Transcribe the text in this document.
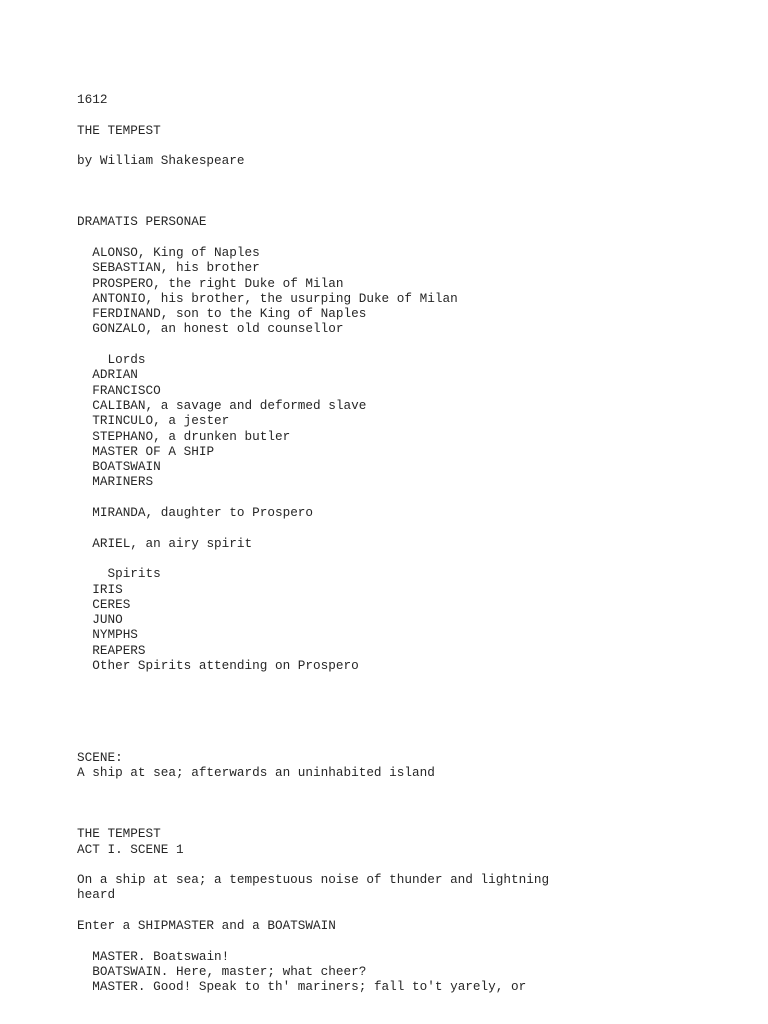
1612
THE TEMPEST
by William Shakespeare
DRAMATIS PERSONAE
ALONSO, King of Naples
SEBASTIAN, his brother
PROSPERO, the right Duke of Milan
ANTONIO, his brother, the usurping Duke of Milan
FERDINAND, son to the King of Naples
GONZALO, an honest old counsellor
Lords
ADRIAN
FRANCISCO
CALIBAN, a savage and deformed slave
TRINCULO, a jester
STEPHANO, a drunken butler
MASTER OF A SHIP
BOATSWAIN
MARINERS
MIRANDA, daughter to Prospero
ARIEL, an airy spirit
Spirits
IRIS
CERES
JUNO
NYMPHS
REAPERS
Other Spirits attending on Prospero
SCENE:
A ship at sea; afterwards an uninhabited island
THE TEMPEST
ACT I. SCENE 1
On a ship at sea; a tempestuous noise of thunder and lightning
heard
Enter a SHIPMASTER and a BOATSWAIN
MASTER. Boatswain!
BOATSWAIN. Here, master; what cheer?
MASTER. Good! Speak to th' mariners; fall to't yarely, or
